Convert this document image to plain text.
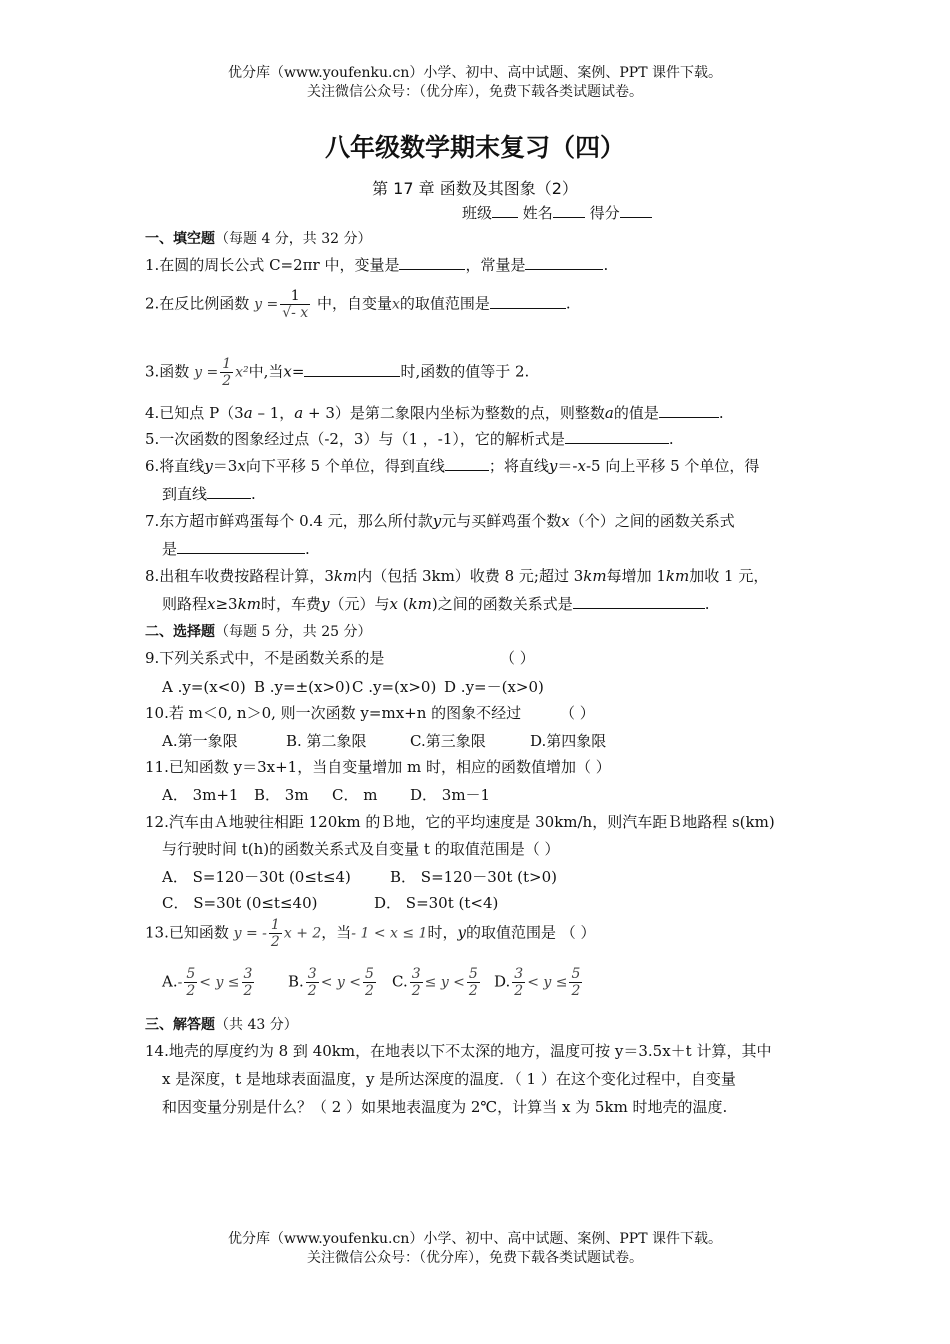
优分库（www.youfenku.cn）小学、初中、高中试题、案例、PPT 课件下载。
关注微信公众号：（优分库），免费下载各类试题试卷。
八年级数学期末复习（四）
第 17 章 函数及其图象（2）
班级 姓名 得分
一、填空题（每题 4 分，共 32 分）
1.在圆的周长公式 C=2πr 中，变量是	，常量是	.
2.在反比例函数 $y = \frac{1}{√- x}$ 中，自变量x的取值范围是	.
3.函数 $y = \frac{1}{2} x^2$中,当x=	时,函数的值等于 2.
4.已知点 P（3a – 1，a + 3）是第二象限内坐标为整数的点，则整数a的值是	.
5.一次函数的图象经过点（-2，3）与（1 ，-1），它的解析式是	.
6.将直线y＝3x向下平移 5 个单位，得到直线	；将直线y＝-x-5 向上平移 5 个单位，得
到直线	.
7.东方超市鲜鸡蛋每个 0.4 元，那么所付款y元与买鲜鸡蛋个数x（个）之间的函数关系式
是	.
8.出租车收费按路程计算，3km内（包括 3km）收费 8 元;超过 3km每增加 1km加收 1 元，
则路程x≥3km时，车费y（元）与x (km)之间的函数关系式是	.
二、选择题（每题 5 分，共 25 分）
9.下列关系式中，不是函数关系的是	（ ）
A .y=(x<0) B .y=±(x>0) C .y=(x>0) D .y=－(x>0)
10.若 m＜0, n＞0, 则一次函数 y=mx+n 的图象不经过	（ ）
A.第一象限	B. 第二象限	C.第三象限	D.第四象限
11.已知函数 y＝3x+1，当自变量增加 m 时，相应的函数值增加（ ）
A． 3m+1 B． 3m C． m D． 3m－1
12.汽车由Ａ地驶往相距 120km 的Ｂ地，它的平均速度是 30km/h，则汽车距Ｂ地路程 s(km)
与行驶时间 t(h)的函数关系式及自变量 t 的取值范围是（ ）
A． S=120－30t (0≤t≤4)	B． S=120－30t (t>0)
C． S=30t (0≤t≤40)	D． S=30t (t<4)
13.已知函数 y = - $\frac{1}{2}$ x + 2，当- 1 < x ≤ 1时，y的取值范围是 （ ）
$A.- \frac{5}{2} < y \le \frac{3}{2} B$. $\frac{3}{2} < y < \frac{5}{2} C$. $\frac{3}{2} \le y < \frac{5}{2} D$. $\frac{3}{2} < y \le \frac{5}{2}$
三、解答题（共 43 分）
14.地壳的厚度约为 8 到 40km，在地表以下不太深的地方，温度可按 y＝3.5x＋t 计算，其中
x 是深度，t 是地球表面温度，y 是所达深度的温度．（ 1 ）在这个变化过程中，自变量
和因变量分别是什么？（ 2 ）如果地表温度为 2℃，计算当 x 为 5km 时地壳的温度.
优分库（www.youfenku.cn）小学、初中、高中试题、案例、PPT 课件下载。
关注微信公众号：（优分库），免费下载各类试题试卷。
